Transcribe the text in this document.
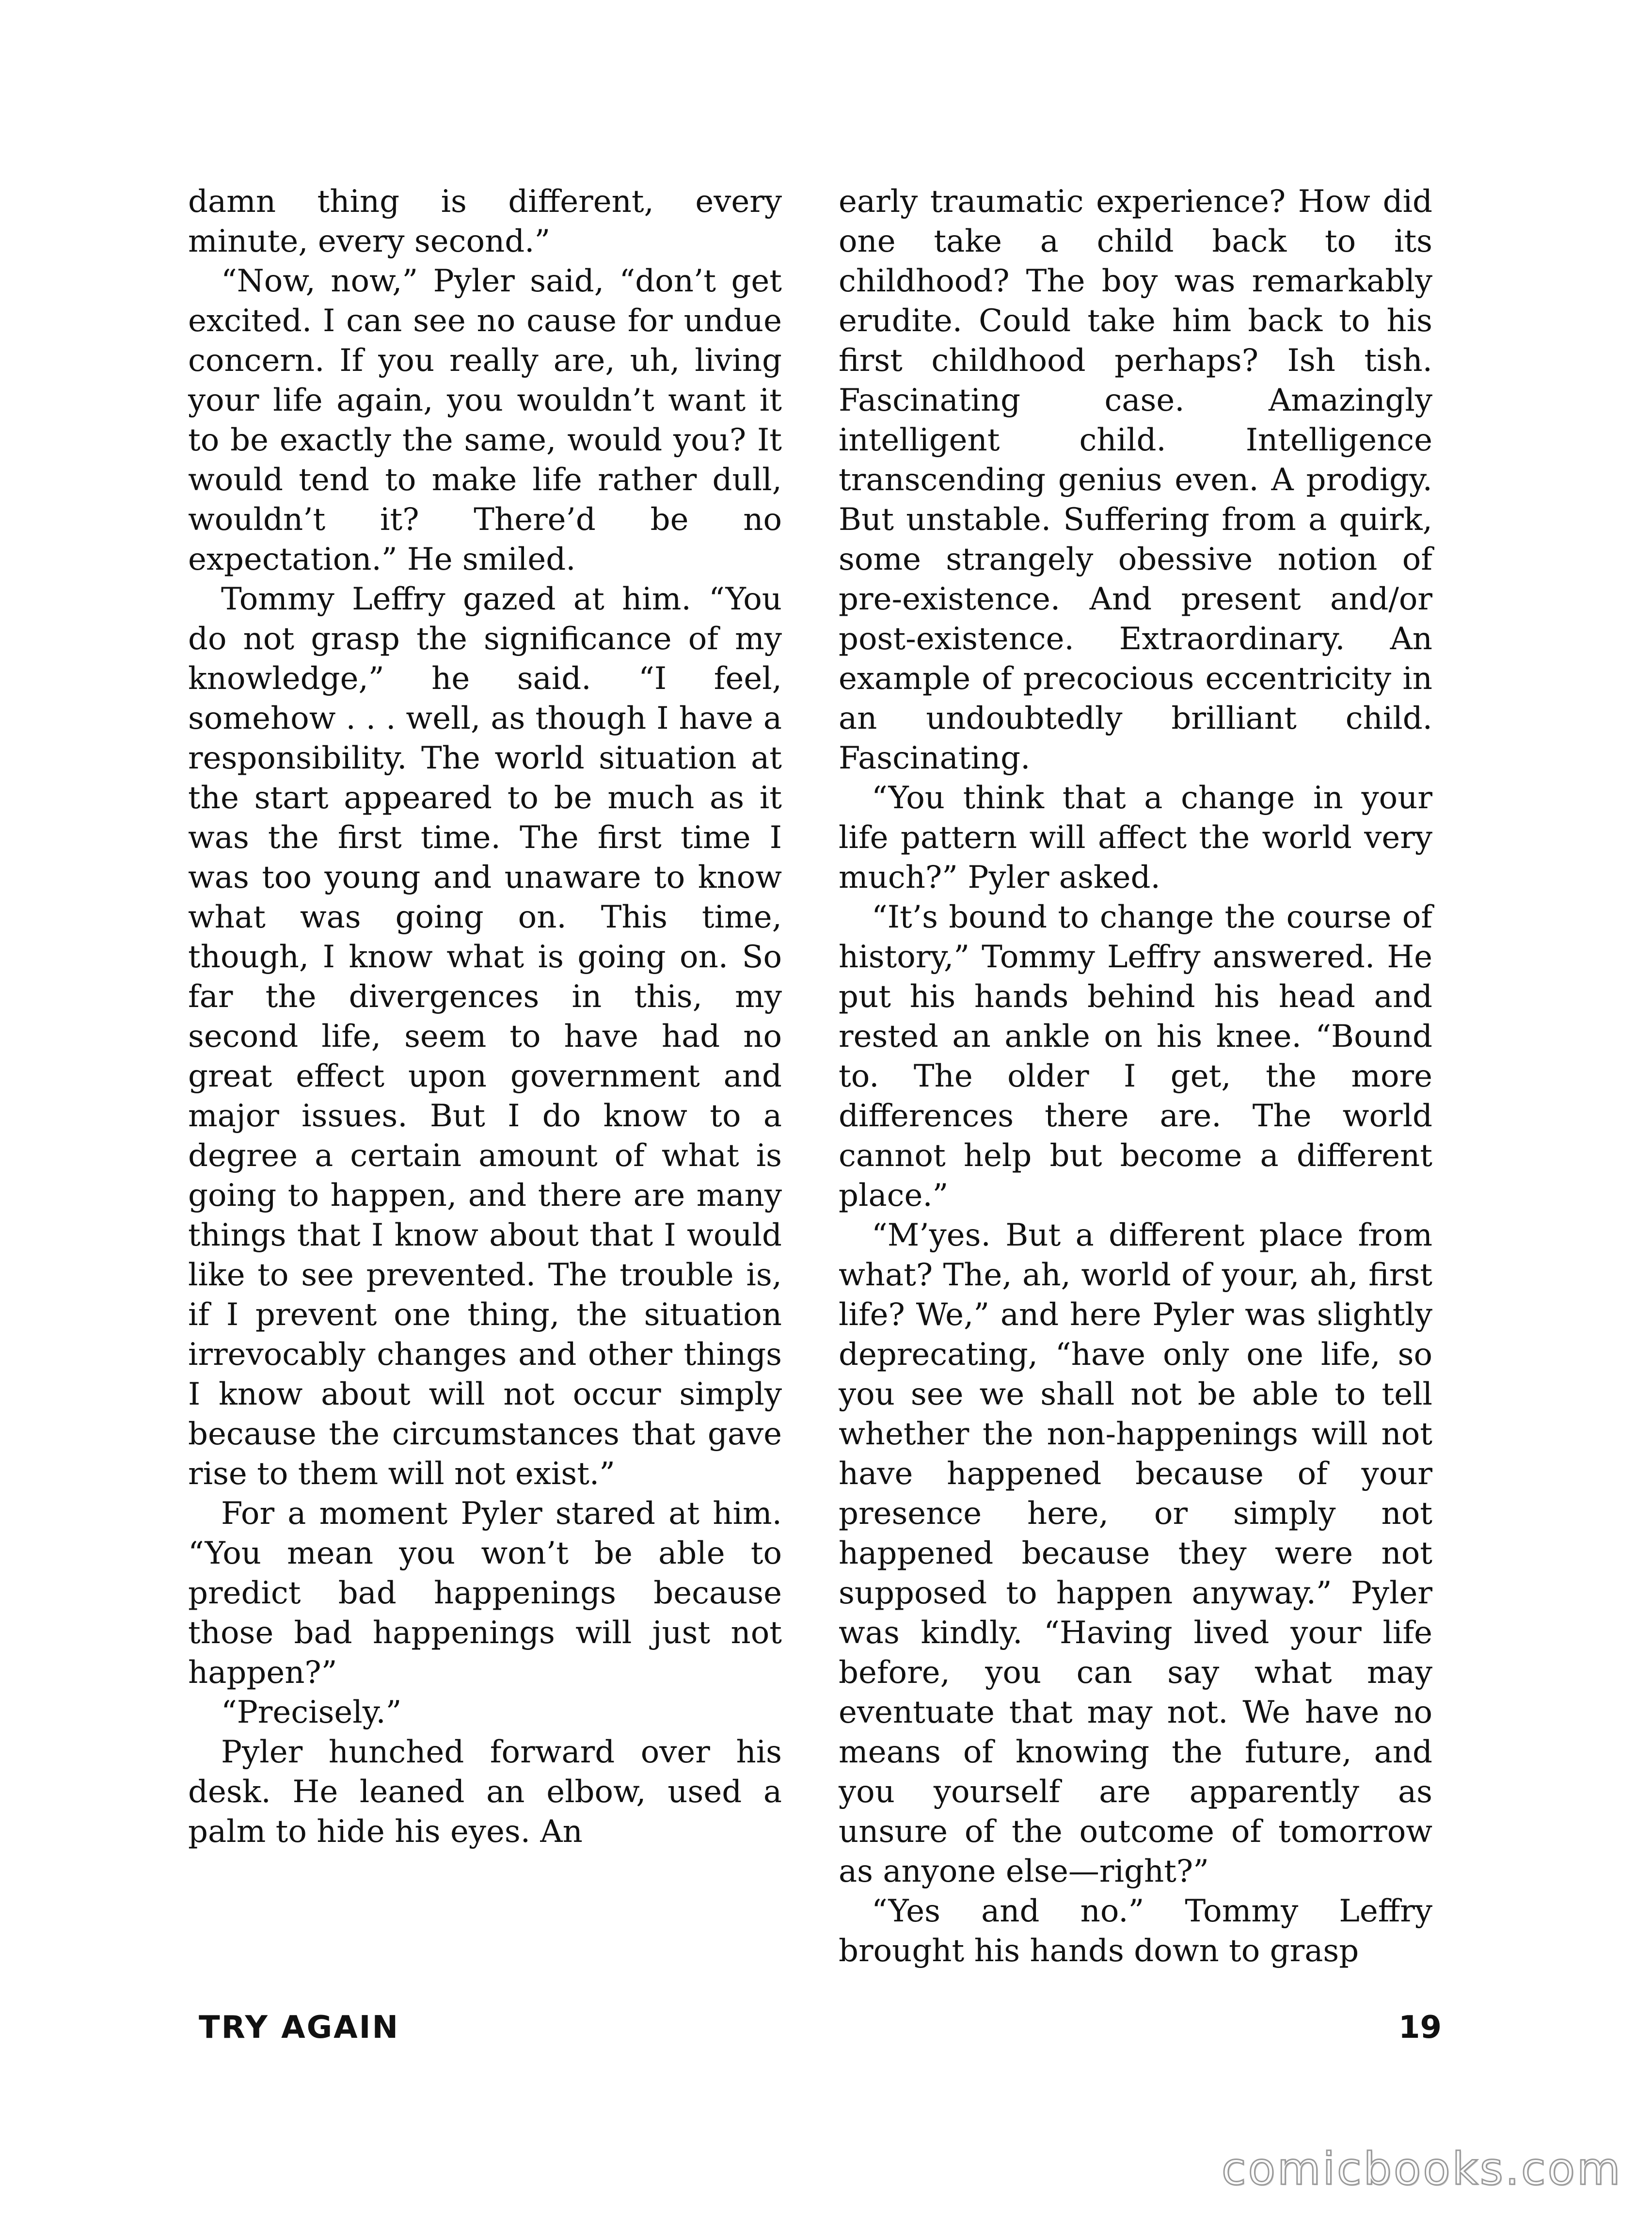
damn thing is different, every minute, every second.”

“Now, now,” Pyler said, “don’t get excited. I can see no cause for undue concern. If you really are, uh, living your life again, you wouldn’t want it to be exactly the same, would you? It would tend to make life rather dull, wouldn’t it? There’d be no expectation.” He smiled.

Tommy Leffry gazed at him. “You do not grasp the significance of my knowledge,” he said. “I feel, somehow . . . well, as though I have a responsibility. The world situation at the start appeared to be much as it was the first time. The first time I was too young and unaware to know what was going on. This time, though, I know what is going on. So far the divergences in this, my second life, seem to have had no great effect upon government and major issues. But I do know to a degree a certain amount of what is going to happen, and there are many things that I know about that I would like to see prevented. The trouble is, if I prevent one thing, the situation irrevocably changes and other things I know about will not occur simply because the circumstances that gave rise to them will not exist.”

For a moment Pyler stared at him. “You mean you won’t be able to predict bad happenings because those bad happenings will just not happen?”

“Precisely.”

Pyler hunched forward over his desk. He leaned an elbow, used a palm to hide his eyes. An

early traumatic experience? How did one take a child back to its childhood? The boy was remarkably erudite. Could take him back to his first childhood perhaps? Ish tish. Fascinating case. Amazingly intelligent child. Intelligence transcending genius even. A prodigy. But unstable. Suffering from a quirk, some strangely obessive notion of pre-existence. And present and/or post-existence. Extraordinary. An example of precocious eccentricity in an undoubtedly brilliant child. Fascinating.

“You think that a change in your life pattern will affect the world very much?” Pyler asked.

“It’s bound to change the course of history,” Tommy Leffry answered. He put his hands behind his head and rested an ankle on his knee. “Bound to. The older I get, the more differences there are. The world cannot help but become a different place.”

“M’yes. But a different place from what? The, ah, world of your, ah, first life? We,” and here Pyler was slightly deprecating, “have only one life, so you see we shall not be able to tell whether the non-happenings will not have happened because of your presence here, or simply not happened because they were not supposed to happen anyway.” Pyler was kindly. “Having lived your life before, you can say what may eventuate that may not. We have no means of knowing the future, and you yourself are apparently as unsure of the outcome of tomorrow as anyone else—right?”

“Yes and no.” Tommy Leffry brought his hands down to grasp

TRY AGAIN	19
comicbooks.com
